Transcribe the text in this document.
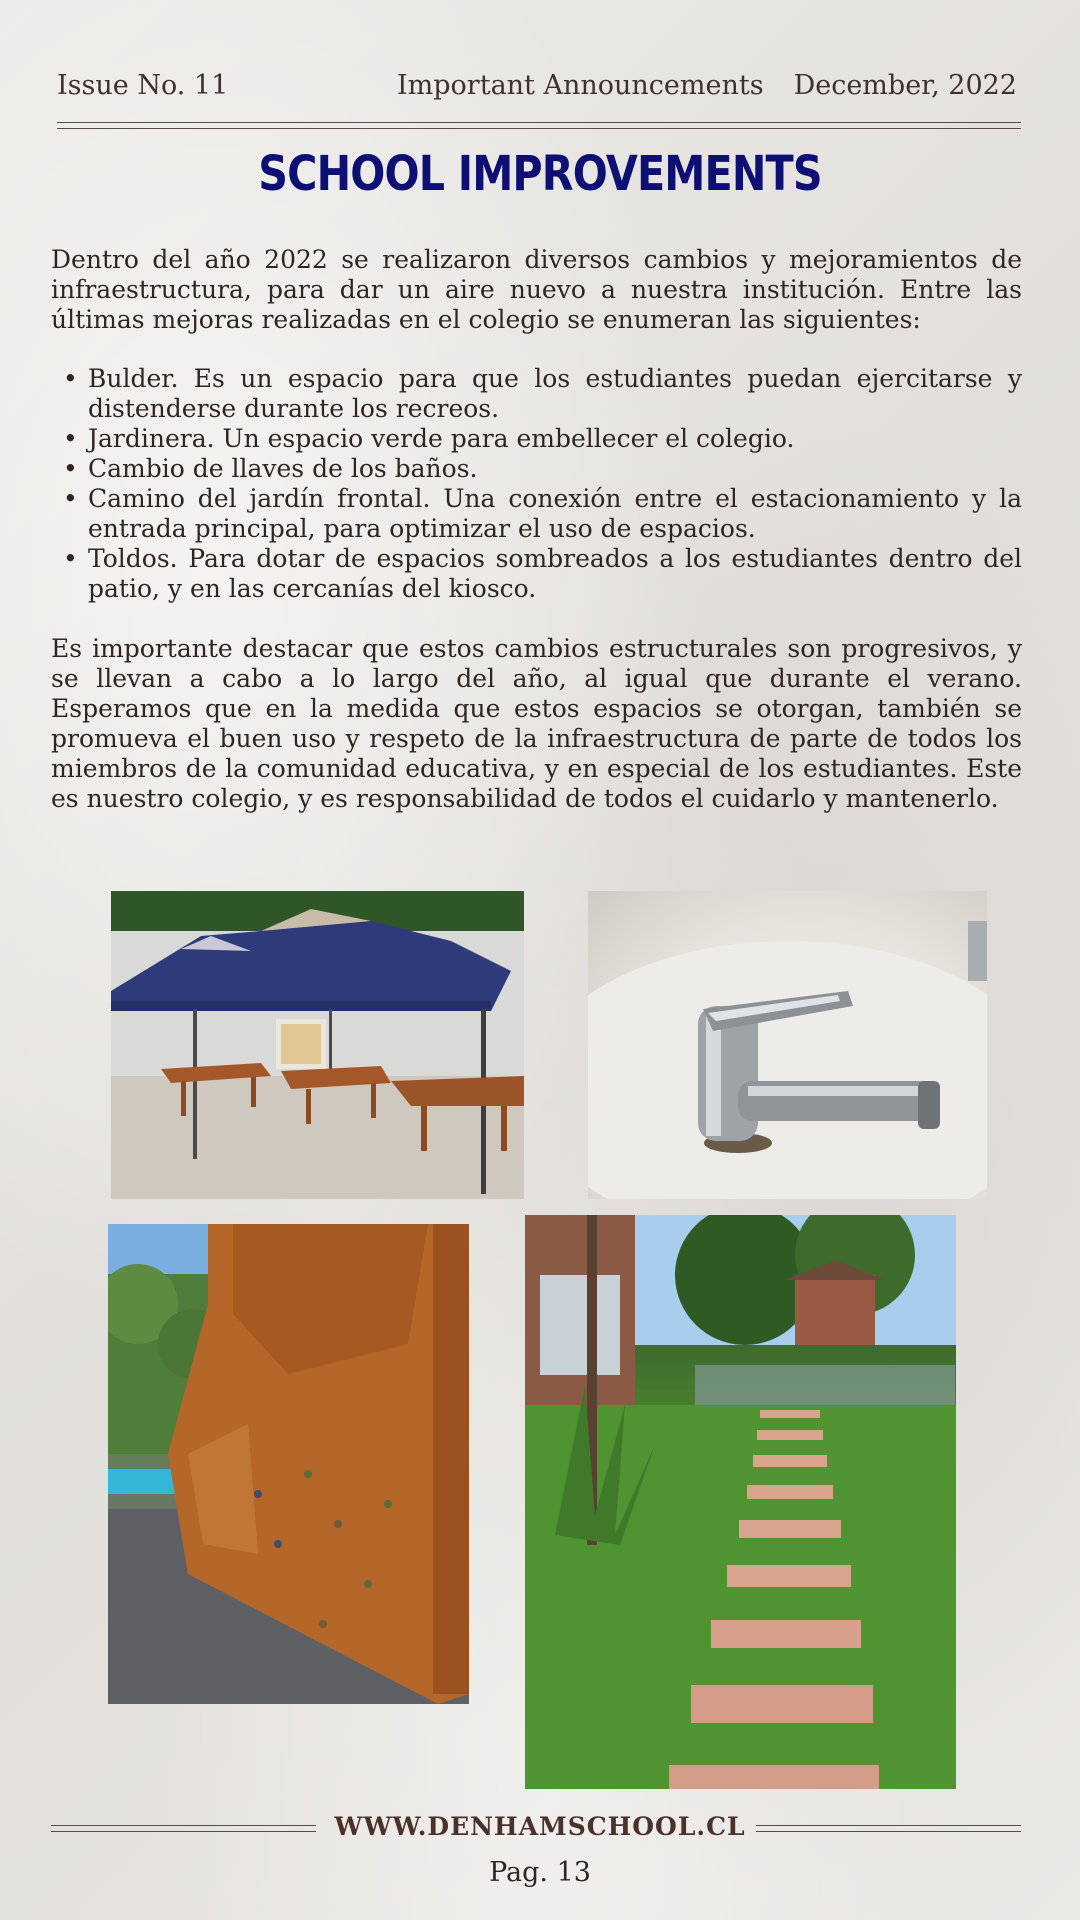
Issue No. 11	Important Announcements December, 2022
SCHOOL IMPROVEMENTS
Dentro del año 2022 se realizaron diversos cambios y mejoramientos de infraestructura, para dar un aire nuevo a nuestra institución. Entre las últimas mejoras realizadas en el colegio se enumeran las siguientes:
• Bulder. Es un espacio para que los estudiantes puedan ejercitarse y distenderse durante los recreos.
• Jardinera. Un espacio verde para embellecer el colegio.
• Cambio de llaves de los baños.
• Camino del jardín frontal. Una conexión entre el estacionamiento y la entrada principal, para optimizar el uso de espacios.
• Toldos. Para dotar de espacios sombreados a los estudiantes dentro del patio, y en las cercanías del kiosco.
Es importante destacar que estos cambios estructurales son progresivos, y se llevan a cabo a lo largo del año, al igual que durante el verano. Esperamos que en la medida que estos espacios se otorgan, también se promueva el buen uso y respeto de la infraestructura de parte de todos los miembros de la comunidad educativa, y en especial de los estudiantes. Este es nuestro colegio, y es responsabilidad de todos el cuidarlo y mantenerlo.
WWW.DENHAMSCHOOL.CL
Pag. 13
